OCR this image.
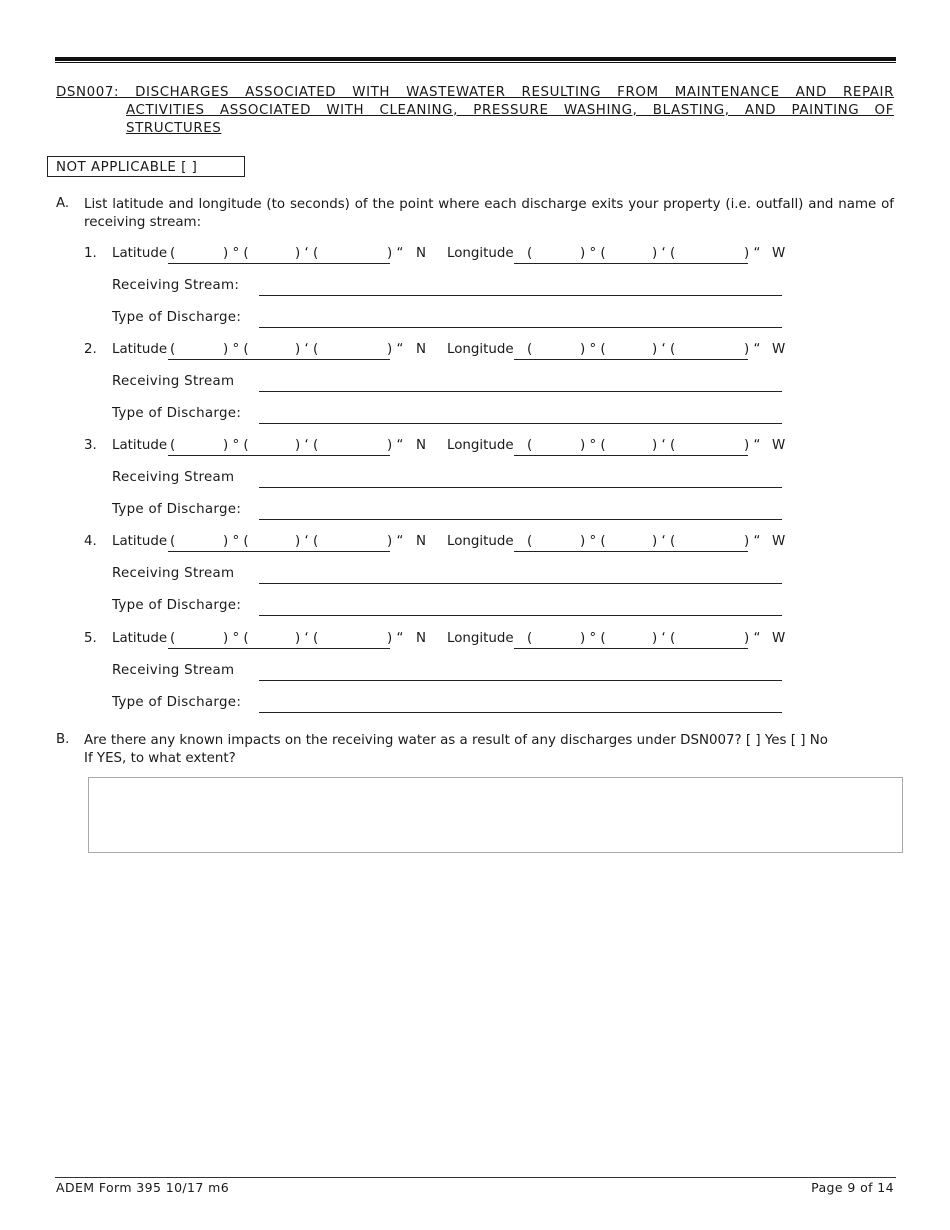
DSN007: DISCHARGES ASSOCIATED WITH WASTEWATER RESULTING FROM MAINTENANCE AND REPAIR
ACTIVITIES ASSOCIATED WITH CLEANING, PRESSURE WASHING, BLASTING, AND PAINTING OF
STRUCTURES
NOT APPLICABLE [ ]
A. List latitude and longitude (to seconds) of the point where each discharge exits your property (i.e. outfall) and name of receiving stream:
1. Latitude (	) ° (	) ‘ (	) “ N Longitude (	) ° (	) ‘ (	) “ W
Receiving Stream:
Type of Discharge:
2. Latitude (	) ° (	) ‘ (	) “ N Longitude (	) ° (	) ‘ (	) “ W
Receiving Stream
Type of Discharge:
3. Latitude (	) ° (	) ‘ (	) “ N Longitude (	) ° (	) ‘ (	) “ W
Receiving Stream
Type of Discharge:
4. Latitude (	) ° (	) ‘ (	) “ N Longitude (	) ° (	) ‘ (	) “ W
Receiving Stream
Type of Discharge:
5. Latitude (	) ° (	) ‘ (	) “ N Longitude (	) ° (	) ‘ (	) “ W
Receiving Stream
Type of Discharge:
B. Are there any known impacts on the receiving water as a result of any discharges under DSN007? [ ] Yes [ ] No
If YES, to what extent?
ADEM Form 395 10/17 m6	Page 9 of 14
